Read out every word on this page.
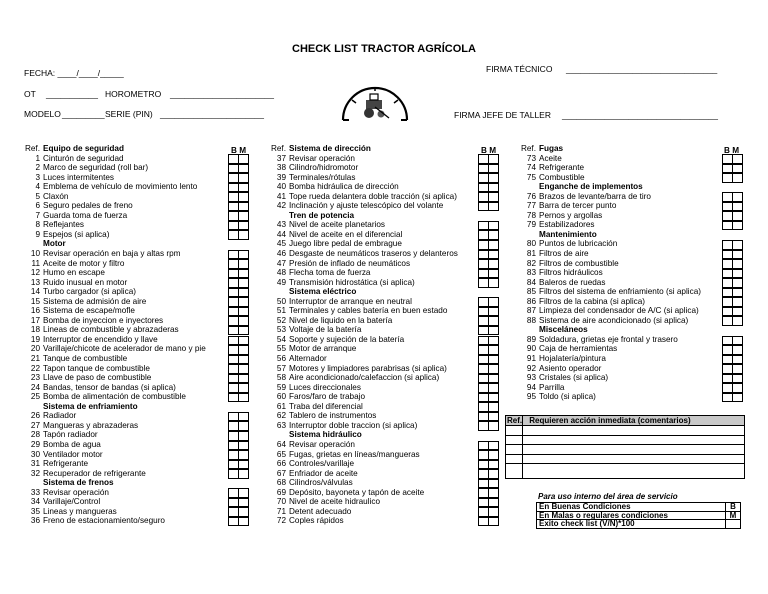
CHECK LIST TRACTOR AGRÍCOLA
FECHA: ____/____/_____	FIRMA TÉCNICO ________________________________
OT ___________ HOROMETRO ______________________
MODELO _________ SERIE (PIN) ______________________	FIRMA JEFE DE TALLER _________________________________
Ref. Equipo de seguridad
1 Cinturón de seguridad
2 Marco de seguridad (roll bar)
3 Luces intermitentes
4 Emblema de vehículo de movimiento lento
5 Claxón
6 Seguro pedales de freno
7 Guarda toma de fuerza
8 Reflejantes
9 Espejos (si aplica)
Motor
10 Revisar operación en baja y altas rpm
11 Aceite de motor y filtro
12 Humo en escape
13 Ruido inusual en motor
14 Turbo cargador (si aplica)
15 Sistema de admisión de aire
16 Sistema de escape/mofle
17 Bomba de inyeccion e inyectores
18 Lineas de combustible y abrazaderas
19 Interruptor de encendido y llave
20 Varillaje/chicote de acelerador de mano y pie
21 Tanque de combustible
22 Tapon tanque de combustible
23 Llave de paso de combustible
24 Bandas, tensor de bandas (si aplica)
25 Bomba de alimentación de combustible
Sistema de enfriamiento
26 Radiador
27 Mangueras y abrazaderas
28 Tapón radiador
29 Bomba de agua
30 Ventilador motor
31 Refrigerante
32 Recuperador de refrigerante
Sistema de frenos
33 Revisar operación
34 Varillaje/Control
35 Lineas y mangueras
36 Freno de estacionamiento/seguro
B M

		Ref. Sistema de dirección
37 Revisar operación
38 Cilindro/hidromotor
39 Terminales/rótulas
40 Bomba hidráulica de dirección
41 Tope rueda delantera doble tracción (si aplica)
42 Inclinación y ajuste telescópico del volante
Tren de potencia
43 Nivel de aceite planetarios
44 Nivel de aceite en el diferencial
45 Juego libre pedal de embrague
46 Desgaste de neumáticos traseros y delanteros
47 Presión de inflado de neumáticos
48 Flecha toma de fuerza
49 Transmisión hidrostática (si aplica)
Sistema eléctrico
50 Interruptor de arranque en neutral
51 Terminales y cables batería en buen estado
52 Nivel de liquido en la batería
53 Voltaje de la batería
54 Soporte y sujeción de la batería
55 Motor de arranque
56 Alternador
57 Motores y limpiadores parabrisas (si aplica)
58 Aire acondicionado/calefaccion (si aplica)
59 Luces direccionales
60 Faros/faro de trabajo
61 Traba del diferencial
62 Tablero de instrumentos
63 Interruptor doble traccion (si aplica)
Sistema hidráulico
64 Revisar operación
65 Fugas, grietas en líneas/mangueras
66 Controles/varillaje
67 Enfriador de aceite
68 Cilindros/válvulas
69 Depósito, bayoneta y tapón de aceite
70 Nivel de aceite hidraulico
71 Detent adecuado
72 Coples rápidos
B M

		Ref. Fugas
73 Aceite
74 Refrigerante
75 Combustible
Enganche de implementos
76 Brazos de levante/barra de tiro
77 Barra de tercer punto
78 Pernos y argollas
79 Estabilizadores
Mantenimiento
80 Puntos de lubricación
81 Filtros de aire
82 Filtros de combustible
83 Filtros hidráulicos
84 Baleros de ruedas
85 Filtros del sistema de enfriamiento (si aplica)
86 Filtros de la cabina (si aplica)
87 Limpieza del condensador de A/C (si aplica)
88 Sistema de aire acondicionado (si aplica)
Misceláneos
89 Soldadura, grietas eje frontal y trasero
90 Caja de herramientas
91 Hojalatería/pintura
92 Asiento operador
93 Cristales (si aplica)
94 Parrilla
95 Toldo (si aplica)
B M

Ref. Requieren acción inmediata (comentarios)
Para uso interno del área de servicio
En Buenas Condiciones	B
En Malas o regulares condiciones	M
Exito check list (V/N)*100	
